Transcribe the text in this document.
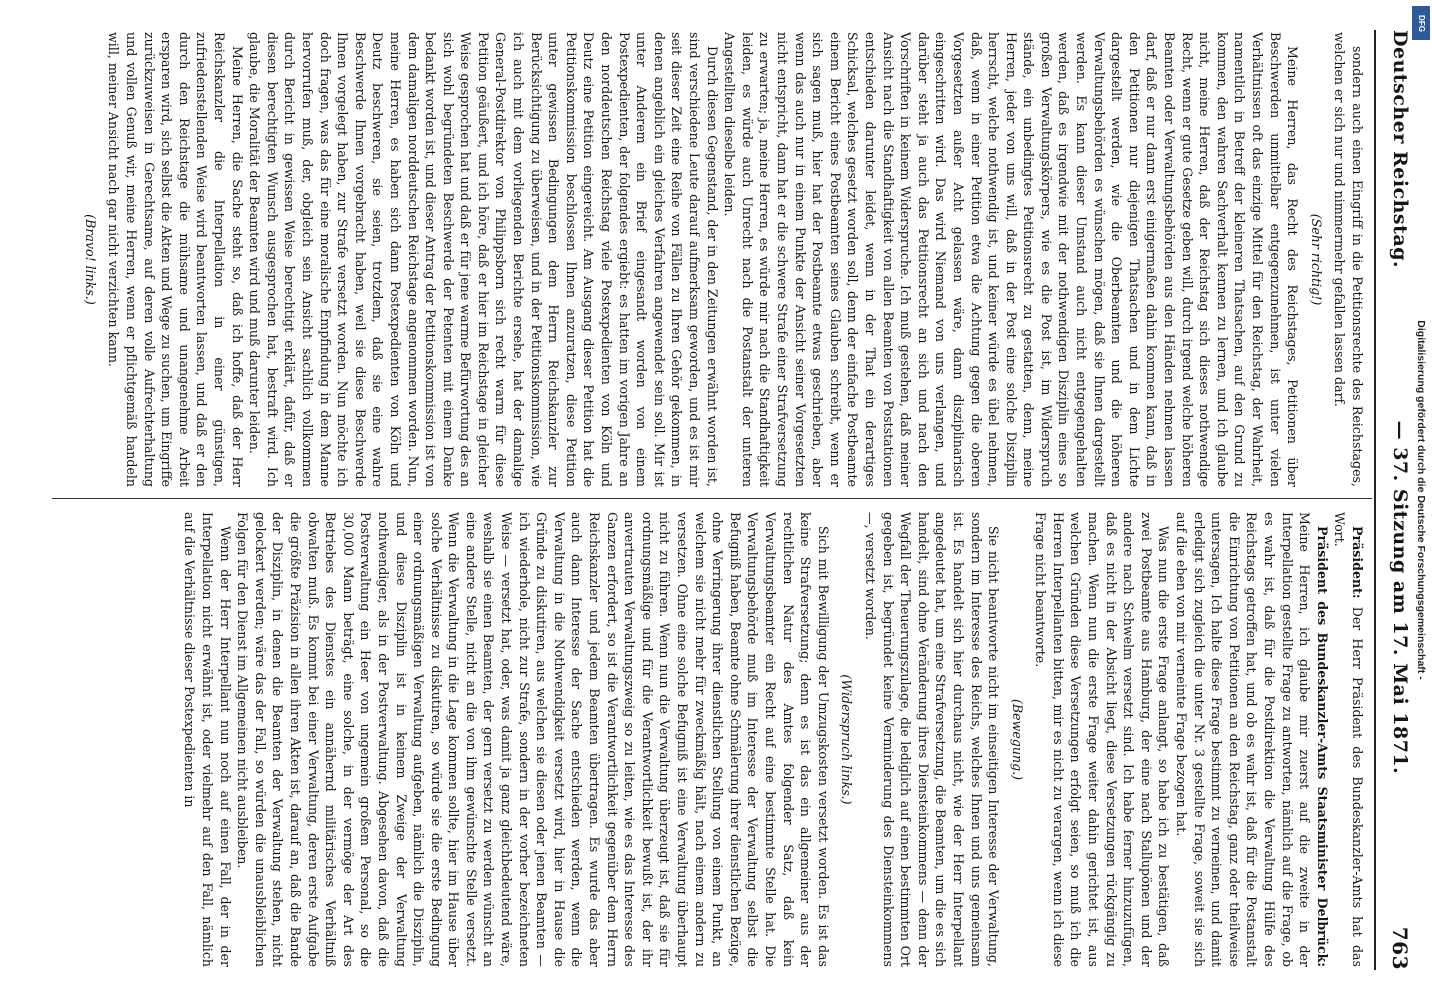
DFG
Digitalisierung gefördert durch die Deutsche Forschungsgemeinschaft -
Deutscher Reichstag.
— 37. Sitzung am 17. Mai 1871.
763

sondern auch einen Eingriff in die Petitionsrechte des Reichstages, welchen er sich nur und nimmermehr gefallen lassen darf.

(Sehr richtig!)

Meine Herren, das Recht des Reichstages, Petitionen über Beschwerden unmittelbar entgegenzunehmen, ist unter vielen Verhältnissen oft das einzige Mittel für den Reichstag, der Wahrheit, namentlich in Betreff der kleineren Thatsachen, auf den Grund zu kommen, den wahren Sachverhalt kennen zu lernen, und ich glaube nicht, meine Herren, daß der Reichstag sich dieses nothwendige Recht, wenn er gute Gesetze geben will, durch irgend welche höheren Beamten oder Verwaltungsbehörden aus den Händen nehmen lassen darf, daß er nur dann erst einigermaßen dahin kommen kann, daß in den Petitionen nur diejenigen Thatsachen und in dem Lichte dargestellt werden, wie die Oberbeamten und die höheren Verwaltungsbehörden es wünschen mögen, daß sie Ihnen dargestellt werden. Es kann dieser Umstand auch nicht entgegengehalten werden, daß es irgendwie mit der nothwendigen Disziplin eines so großen Verwaltungskörpers, wie es die Post ist, im Widerspruch stände, ein unbedingtes Petitionsrecht zu gestatten, denn, meine Herren, jeder von uns will, daß in der Post eine solche Disziplin herrscht, welche nothwendig ist, und keiner würde es übel nehmen, daß, wenn in einer Petition etwa die Achtung gegen die oberen Vorgesetzten außer Acht gelassen wäre, dann disziplinarisch eingeschritten wird. Das wird Niemand von uns verlangen, und darüber steht ja auch das Petitionsrecht an sich und nach den Vorschriften in keinem Widerspruche. Ich muß gestehen, daß meiner Ansicht nach die Standhaftigkeit von allen Beamten von Poststationen entschieden darunter leidet, wenn in der That ein derartiges Schicksal, welches gesetzt worden soll, denn der einfache Postbeamte einem Bericht eines Postbeamten seines Glauben schreibt, wenn er sich sagen muß, hier hat der Postbeamte etwas geschrieben, aber wenn das auch nur in einem Punkte der Ansicht seiner Vorgesetzten nicht entspricht, dann hat er die schwere Strafe einer Strafversetzung zu erwarten; ja, meine Herren, es würde mir nach die Standhaftigkeit leiden, es würde auch Unrecht nach die Postanstalt der unteren Angestellten dieselbe leiden.

Durch diesen Gegenstand, der in den Zeitungen erwähnt worden ist, sind verschiedene Leute darauf aufmerksam geworden, und es ist mir seit dieser Zeit eine Reihe von Fällen zu Ihren Gehör gekommen, in denen angeblich ein gleiches Verfahren angewendet sein soll. Mir ist unter Anderem ein Brief eingesandt worden von einem Postexpedienten, der folgendes ergiebt: es hatten im vorigen Jahre an den norddeutschen Reichstag viele Postexpedienten von Köln und Deutz eine Petition eingereicht. Am Ausgang dieser Petition hat die Petitionskommission beschlossen Ihnen anzuratzen, diese Petition unter gewissen Bedingungen dem Herrn Reichskanzler zur Berücksichtigung zu überweisen, und in der Petitionskommission, wie ich auch mit dem vorliegenden Berichte ersehe, hat der damalige General-Postdirektor von Philippsborn sich recht warm für diese Petition geäußert, und ich höre, daß er hier im Reichstage in gleicher Weise gesprochen hat und daß er für jene warme Befürwortung des an sich wohl begründeten Beschwerde der Petenten mit einem Danke bedankt worden ist, und dieser Antrag der Petitionskommission ist von dem damaligen norddeutschen Reichstage angenommen worden. Nun, meine Herren, es haben sich dann Postexpedienten von Köln und Deutz beschweren, sie seien, trotzdem, daß sie eine wahre Beschwerde Ihnen vorgebracht haben, weil sie diese Beschwerde Ihnen vorgelegt haben, zur Strafe versetzt worden. Nun möchte ich doch fragen, was das für eine moralische Empfindung in dem Manne hervorrufen muß, der, obgleich sein Ansicht sachlich vollkommen durch Bericht in gewissen Weise berechtigt erklärt, dafür, daß er diesen berechtigten Wunsch ausgesprochen hat, bestraft wird. Ich glaube, die Moralität der Beamten wird und muß darunter leiden.

Meine Herren, die Sache steht so, daß ich hoffe, daß der Herr Reichskanzler die Interpellation in einer günstigen, zufriedenstellenden Weise wird beantworten lassen, und daß er den durch den Reichstage die mühsame und unangenehme Arbeit ersparen wird, sich selbst die Akten und Wege zu suchen, um Eingriffe zurückzuweisen in Gerechtsame, auf deren volle Aufrechterhaltung und vollen Genuß wir, meine Herren, wenn er pflichtgemäß handeln will, meiner Ansicht nach gar nicht verzichten kann.

(Bravo! links.)

Präsident: Der Herr Präsident des Bundeskanzler-Amts hat das Wort.

Präsident des Bundeskanzler-Amts Staatsminister Delbrück: Meine Herren, ich glaube mir zuerst auf die zweite in der Interpellation gestellte Frage zu antworten, nämlich auf die Frage, ob es wahr ist, daß für die Postdirektion die Verwaltung Hülfe des Reichstags getroffen hat, und ob es wahr ist, daß für die Postanstalt die Einrichtung von Petitionen an den Reichstag, ganz oder theilweise untersagen, Ich halte diese Frage bestimmt zu verneinen, und damit erledigt sich zugleich die unter Nr. 3 gestellte Frage, soweit sie sich auf die eben von mir verneinte Frage bezogen hat.

Was nun die erste Frage anlangt, so habe ich zu bestätigen, daß zwei Postbeamte aus Hamburg, der eine nach Stallupönen und der andere nach Schwelm versetzt sind. Ich habe ferner hinzuzufügen, daß es nicht in der Absicht liegt, diese Versetzungen rückgängig zu machen. Wenn nun die erste Frage weiter dahin gerichtet ist, aus welchen Gründen diese Versetzungen erfolgt seien, so muß ich die Herren Interpellanten bitten, mir es nicht zu verargen, wenn ich diese Frage nicht beantworte.

(Bewegung.)

Sie nicht beantworte nicht im einseitigen Interesse der Verwaltung, sondern im Interesse des Reichs, welches Ihnen und uns gemeinsam ist. Es handelt sich hier durchaus nicht, wie der Herr Interpellant angedeutet hat, um eine Strafversetzung, die Beamten, um die es sich handelt, sind ohne Veränderung ihres Diensteinkommens — denn der Wegfall der Theuerungszulage, die lediglich auf einen bestimmten Ort gegeben ist, begründet keine Verminderung des Diensteinkommens —, versetzt worden.

(Widerspruch links.)

Sich mit Bewilligung der Umzugskosten versetzt worden. Es ist das keine Strafversetzung; denn es ist das ein allgemeiner aus der rechtlichen Natur des Amtes folgender Satz, daß kein Verwaltungsbeamter ein Recht auf eine bestimmte Stelle hat. Die Verwaltungsbehörde muß im Interesse der Verwaltung selbst die Befugniß haben, Beamte ohne Schmälerung ihrer dienstlichen Bezüge, ohne Verringerung ihrer dienstlichen Stellung von einem Punkt, an welchem sie nicht mehr für zweckmäßig hält, nach einem andern zu versetzen. Ohne eine solche Befugniß ist eine Verwaltung überhaupt nicht zu führen. Wenn nun die Verwaltung überzeugt ist, daß sie für ordnungsmäßige und für die Verantwortlichkeit bewußt ist, der ihr anvertrauten Verwaltungszweig so zu leiten, wie es das Interesse des Ganzen erfordert, so ist die Verantwortlichkeit gegenüber dem Herrn Reichskanzler und jedem Beamten übertragen. Es wurde das aber auch dann Interesse der Sache entschieden werden, wenn die Verwaltung in die Nothwendigkeit versetzt wird, hier in Hause die Gründe zu diskutiren, aus welchen sie diesen oder jenen Beamten — ich wiederhole, nicht zur Strafe, sondern in der vorher bezeichneten Weise — versetzt hat, oder, was damit ja ganz gleichbedeutend wäre, weshalb sie einen Beamten, der gern versetzt zu werden wünscht an eine andere Stelle, nicht an die von ihm gewünschte Stelle versetzt. Wenn die Verwaltung in die Lage kommen sollte, hier im Hause über solche Verhältnisse zu diskutiren, so würde sie die erste Bedingung einer ordnungsmäßigen Verwaltung aufgeben, nämlich die Disziplin, und diese Disziplin ist in keinem Zweige der Verwaltung nothwendiger, als in der Postverwaltung. Abgesehen davon, daß die Postverwaltung ein Heer von ungemein großem Personal, so die 30,000 Mann beträgt, eine solche, in der vermöge der Art des Betriebes des Dienstes ein annähernd militärisches Verhältniß obwalten muß. Es kommt bei einer Verwaltung, deren erste Aufgabe die größte Präzision in allen ihren Akten ist, darauf an, daß die Bande der Disziplin, in denen die Beamten der Verwaltung stehen, nicht gelockert werden; wäre das der Fall, so würden die unausbleiblichen Folgen für den Dienst im Allgemeinen nicht ausbleiben.

Wenn der Herr Interpellant nun noch auf einen Fall, der in der Interpellation nicht erwähnt ist, oder vielmehr auf den Fall, nämlich auf die Verhältnisse dieser Postexpedienten in
